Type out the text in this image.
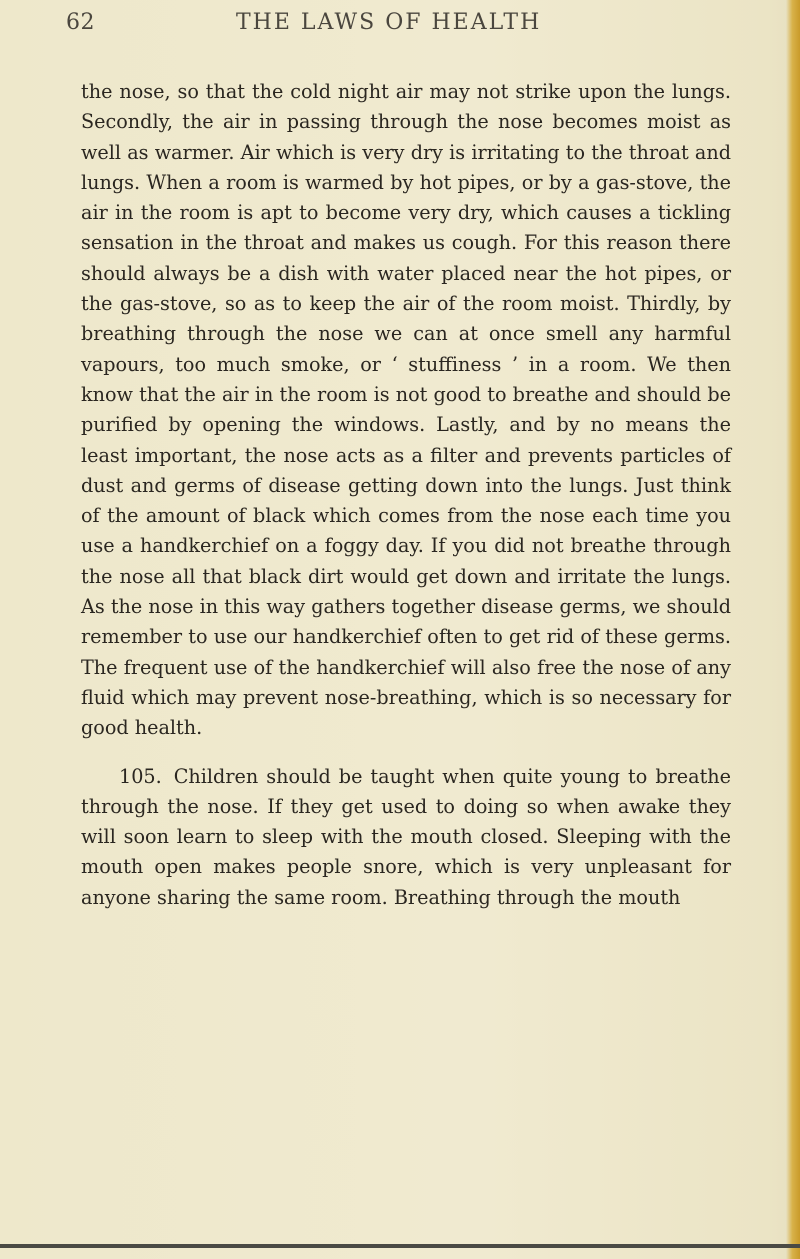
62	THE LAWS OF HEALTH

the nose, so that the cold night air may not strike upon the lungs. Secondly, the air in passing through the nose becomes moist as well as warmer. Air which is very dry is irritating to the throat and lungs. When a room is warmed by hot pipes, or by a gas-stove, the air in the room is apt to become very dry, which causes a tickling sensation in the throat and makes us cough. For this reason there should always be a dish with water placed near the hot pipes, or the gas-stove, so as to keep the air of the room moist. Thirdly, by breathing through the nose we can at once smell any harmful vapours, too much smoke, or ‘ stuffiness ’ in a room. We then know that the air in the room is not good to breathe and should be purified by opening the windows. Lastly, and by no means the least important, the nose acts as a filter and prevents particles of dust and germs of disease getting down into the lungs. Just think of the amount of black which comes from the nose each time you use a handkerchief on a foggy day. If you did not breathe through the nose all that black dirt would get down and irritate the lungs. As the nose in this way gathers together disease germs, we should remember to use our handkerchief often to get rid of these germs. The frequent use of the handkerchief will also free the nose of any fluid which may prevent nose-breathing, which is so necessary for good health.

105. Children should be taught when quite young to breathe through the nose. If they get used to doing so when awake they will soon learn to sleep with the mouth closed. Sleeping with the mouth open makes people snore, which is very unpleasant for anyone sharing the same room. Breathing through the mouth
